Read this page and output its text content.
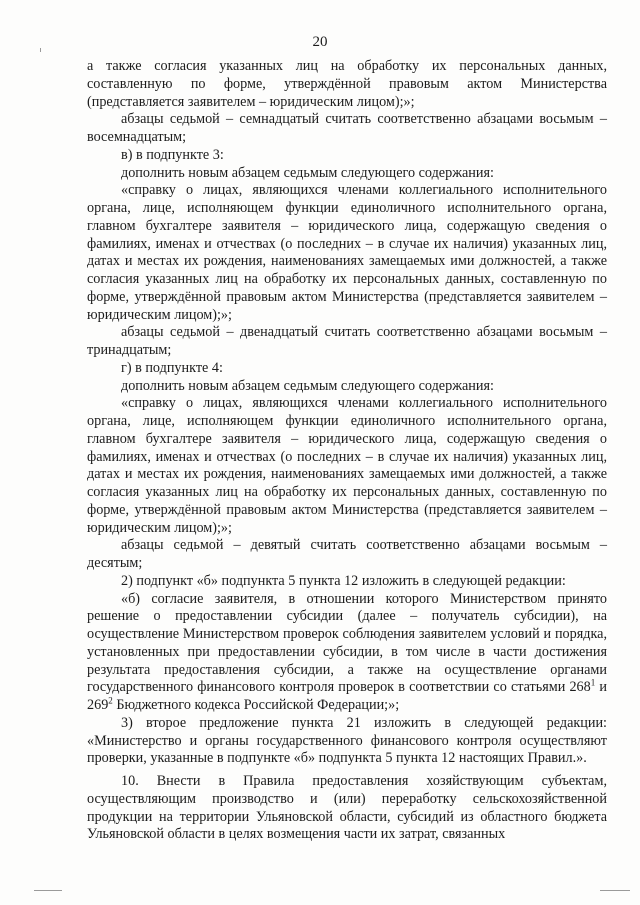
20

а также согласия указанных лиц на обработку их персональных данных, составленную по форме, утверждённой правовым актом Министерства (представляется заявителем – юридическим лицом);»;

абзацы седьмой – семнадцатый считать соответственно абзацами восьмым – восемнадцатым;

в) в подпункте 3:

дополнить новым абзацем седьмым следующего содержания:

«справку о лицах, являющихся членами коллегиального исполнительного органа, лице, исполняющем функции единоличного исполнительного органа, главном бухгалтере заявителя – юридического лица, содержащую сведения о фамилиях, именах и отчествах (о последних – в случае их наличия) указанных лиц, датах и местах их рождения, наименованиях замещаемых ими должностей, а также согласия указанных лиц на обработку их персональных данных, составленную по форме, утверждённой правовым актом Министерства (представляется заявителем – юридическим лицом);»;

абзацы седьмой – двенадцатый считать соответственно абзацами восьмым – тринадцатым;

г) в подпункте 4:

дополнить новым абзацем седьмым следующего содержания:

«справку о лицах, являющихся членами коллегиального исполнительного органа, лице, исполняющем функции единоличного исполнительного органа, главном бухгалтере заявителя – юридического лица, содержащую сведения о фамилиях, именах и отчествах (о последних – в случае их наличия) указанных лиц, датах и местах их рождения, наименованиях замещаемых ими должностей, а также согласия указанных лиц на обработку их персональных данных, составленную по форме, утверждённой правовым актом Министерства (представляется заявителем – юридическим лицом);»;

абзацы седьмой – девятый считать соответственно абзацами восьмым – десятым;

2) подпункт «б» подпункта 5 пункта 12 изложить в следующей редакции:

«б) согласие заявителя, в отношении которого Министерством принято решение о предоставлении субсидии (далее – получатель субсидии), на осуществление Министерством проверок соблюдения заявителем условий и порядка, установленных при предоставлении субсидии, в том числе в части достижения результата предоставления субсидии, а также на осуществление органами государственного финансового контроля проверок в соответствии со статьями $268^1$ и $269^2$ Бюджетного кодекса Российской Федерации;»;

3) второе предложение пункта 21 изложить в следующей редакции: «Министерство и органы государственного финансового контроля осуществляют проверки, указанные в подпункте «б» подпункта 5 пункта 12 настоящих Правил.».

10. Внести в Правила предоставления хозяйствующим субъектам, осуществляющим производство и (или) переработку сельскохозяйственной продукции на территории Ульяновской области, субсидий из областного бюджета Ульяновской области в целях возмещения части их затрат, связанных
